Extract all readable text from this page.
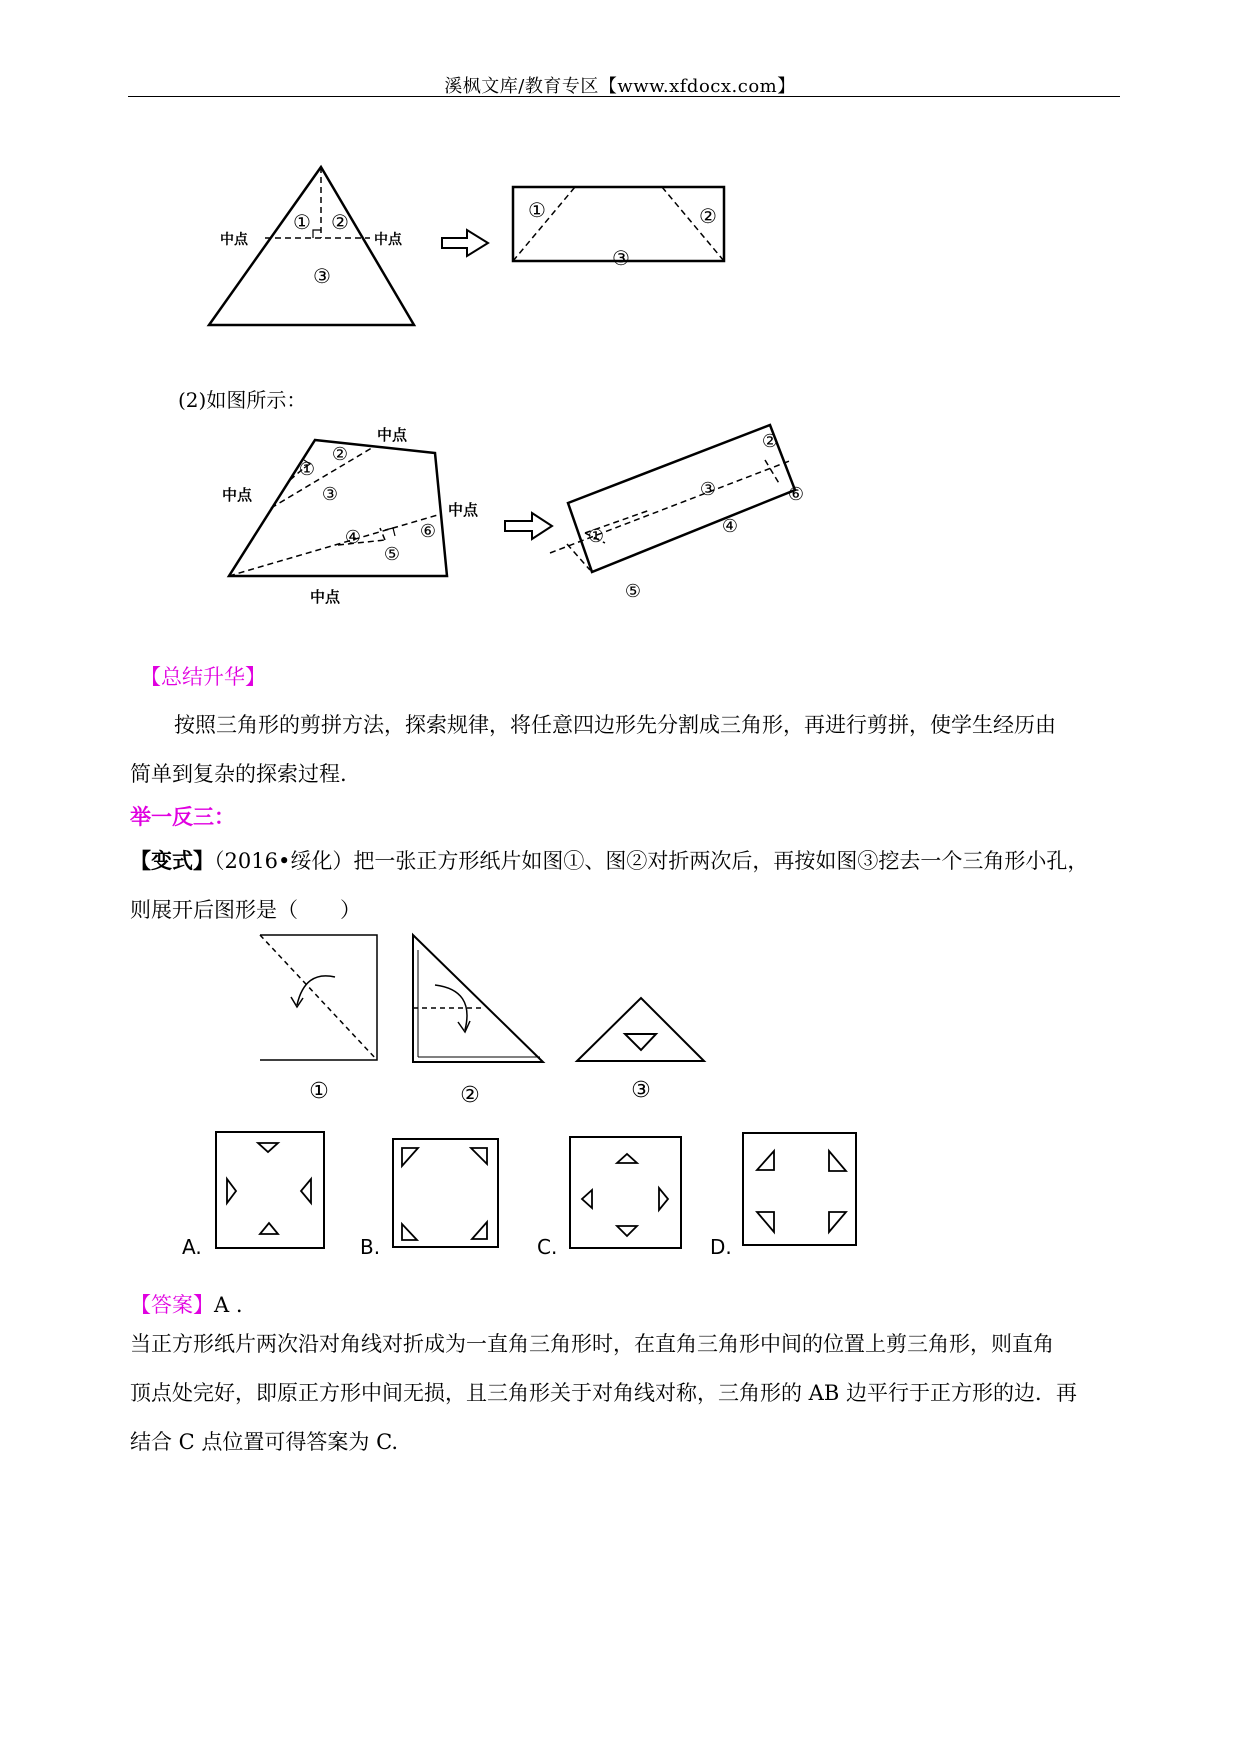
溪枫文库/教育专区【www.xfdocx.com】
中点	中点
① ②
③
①	②
③
(2)如图所示：
中点
中点
中点
中点
①
②
③
④
⑤
⑥	①
②
③
④
⑤
⑥
【总结升华】
按照三角形的剪拼方法，探索规律，将任意四边形先分割成三角形，再进行剪拼，使学生经历由
简单到复杂的探索过程.
举一反三：
【变式】（2016•绥化）把一张正方形纸片如图①、图②对折两次后，再按如图③挖去一个三角形小孔，
则展开后图形是（　　）
①	②	③
A.	B.	C.	D.
【答案】A .
当正方形纸片两次沿对角线对折成为一直角三角形时，在直角三角形中间的位置上剪三角形，则直角
顶点处完好，即原正方形中间无损，且三角形关于对角线对称，三角形的 AB 边平行于正方形的边．再
结合 C 点位置可得答案为 C.
